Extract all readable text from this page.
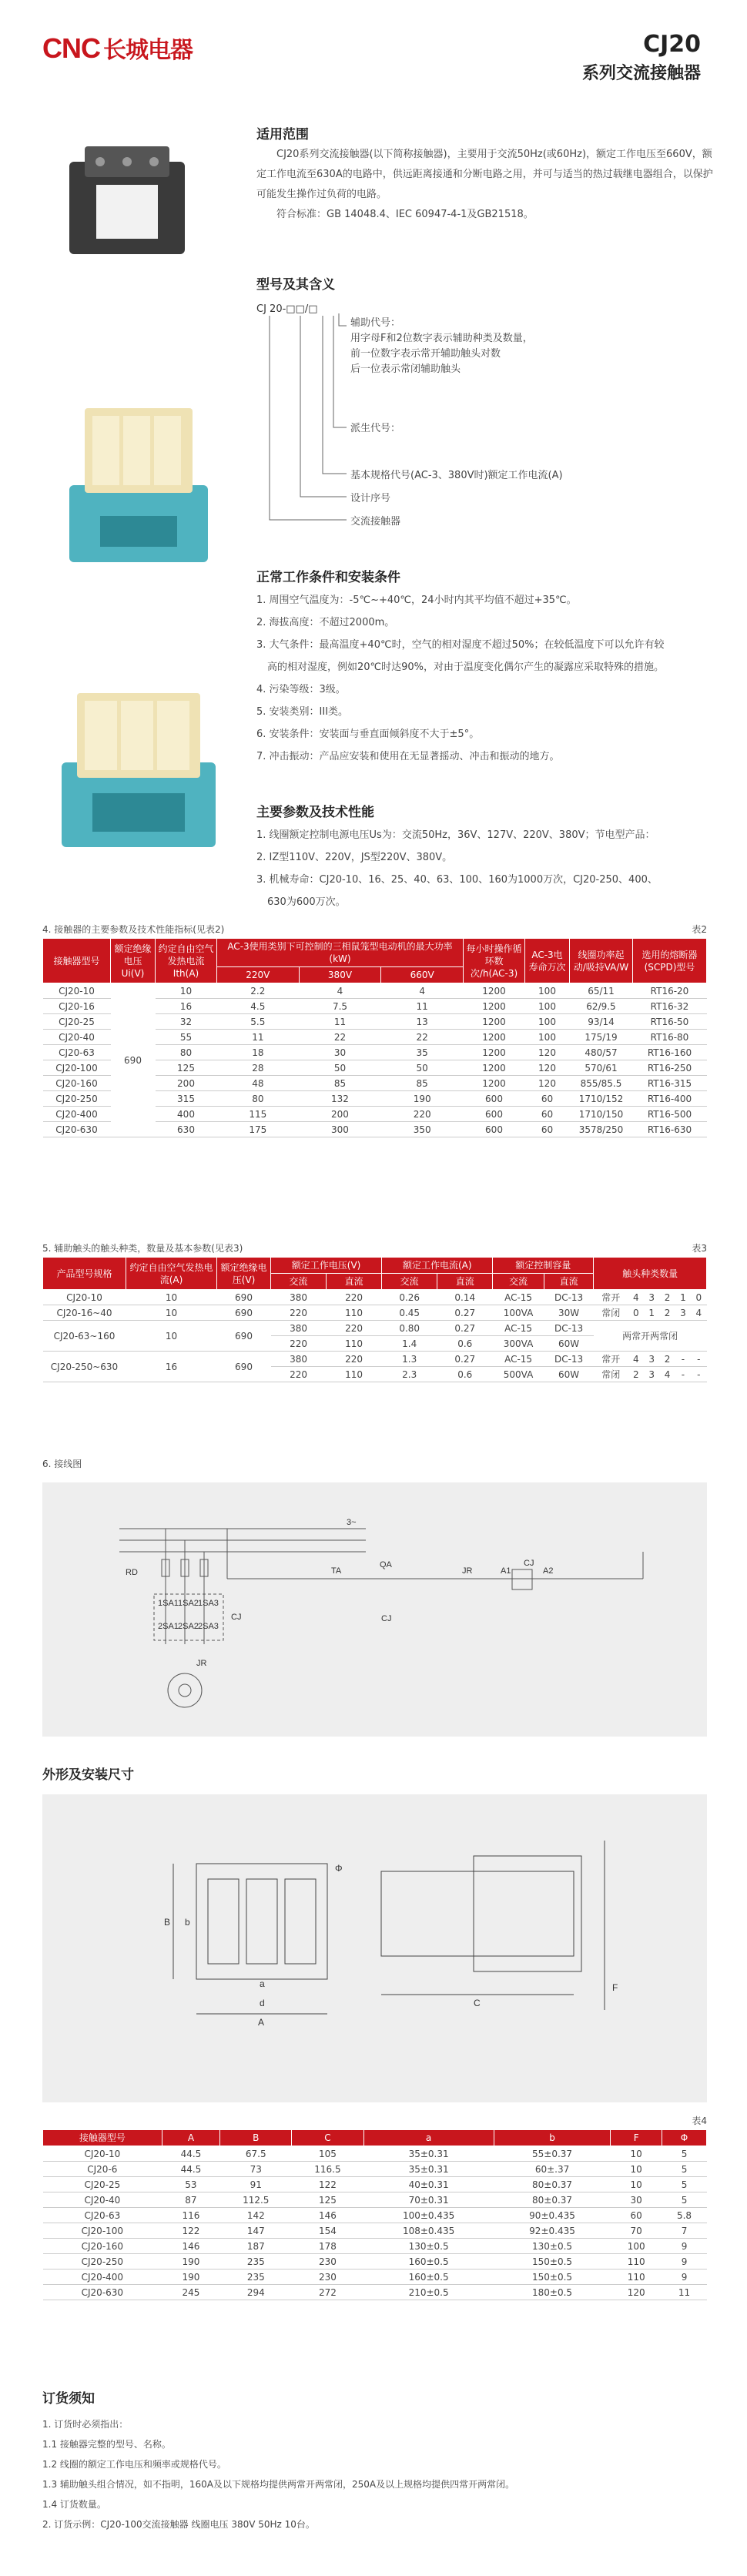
CNC 长城电器	CJ20
系列交流接触器
适用范围
CJ20系列交流接触器(以下简称接触器)，主要用于交流50Hz(或60Hz)，额定工作电压至660V，额定工作电流至630A的电路中，供远距离接通和分断电路之用，并可与适当的热过载继电器组合，以保护可能发生操作过负荷的电路。
符合标准：GB 14048.4、IEC 60947-4-1及GB21518。
型号及其含义
CJ 20-□□/□
辅助代号：
用字母F和2位数字表示辅助种类及数量，
前一位数字表示常开辅助触头对数
后一位表示常闭辅助触头
派生代号：
基本规格代号(AC-3、380V时)额定工作电流(A)
设计序号
交流接触器
正常工作条件和安装条件
1. 周围空气温度为：-5℃~+40℃，24小时内其平均值不超过+35℃。
2. 海拔高度：不超过2000m。
3. 大气条件：最高温度+40℃时，空气的相对湿度不超过50%；在较低温度下可以允许有较
高的相对湿度，例如20℃时达90%，对由于温度变化偶尔产生的凝露应采取特殊的措施。
4. 污染等级：3级。
5. 安装类别：III类。
6. 安装条件：安装面与垂直面倾斜度不大于±5°。
7. 冲击振动：产品应安装和使用在无显著摇动、冲击和振动的地方。
主要参数及技术性能
1. 线圈额定控制电源电压Us为：交流50Hz，36V、127V、220V、380V；节电型产品：
2. IZ型110V、220V，JS型220V、380V。
3. 机械寿命：CJ20-10、16、25、40、63、100、160为1000万次，CJ20-250、400、
630为600万次。
4. 接触器的主要参数及技术性能指标(见表2)	表2
接触器型号	额定绝缘电压Ui(V)	约定自由空气发热电流Ith(A)	AC-3使用类别下可控制的三相鼠笼型电动机的最大功率(kW)			每小时操作循环数次/h(AC-3)	AC-3电寿命万次	线圈功率起动/吸持VA/W	选用的熔断器(SCPD)型号
			220V	380V	660V				
CJ20-10	690	10	2.2	4	4	1200	100	65/11	RT16-20
CJ20-16		16	4.5	7.5	11	1200	100	62/9.5	RT16-32
CJ20-25		32	5.5	11	13	1200	100	93/14	RT16-50
CJ20-40		55	11	22	22	1200	100	175/19	RT16-80
CJ20-63		80	18	30	35	1200	120	480/57	RT16-160
CJ20-100		125	28	50	50	1200	120	570/61	RT16-250
CJ20-160		200	48	85	85	1200	120	855/85.5	RT16-315
CJ20-250		315	80	132	190	600	60	1710/152	RT16-400
CJ20-400		400	115	200	220	600	60	1710/150	RT16-500
CJ20-630		630	175	300	350	600	60	3578/250	RT16-630
5. 辅助触头的触头种类，数量及基本参数(见表3)	表3
产品型号规格	约定自由空气发热电流(A)	额定绝缘电压(V)	额定工作电压(V)		额定工作电流(A)		额定控制容量		触头种类数量					
			交流	直流	交流	直流	交流	直流						
CJ20-10	10	690	380	220	0.26	0.14	AC-15	DC-13	常开	4	3	2	1	0
CJ20-16~40	10	690	220	110	0.45	0.27	100VA	30W	常闭	0	1	2	3	4
CJ20-63~160	10	690	380	220	0.80	0.27	AC-15	DC-13	两常开两常闭					
			220	110	1.4	0.6	300VA	60W						
CJ20-250~630	16	690	380	220	1.3	0.27	AC-15	DC-13	常开	4	3	2	-	-
			220	110	2.3	0.6	500VA	60W	常闭	2	3	4	-	-
6. 接线图
3~
RD	TA
QA
JR	A1
CJ
A2
CJ
JR
CJ
1SA1 1SA2 1SA3
2SA1 2SA2 2SA3
外形及安装尺寸
A
B
C
a
b
F
Φ
d
表4
接触器型号	A	B	C	a	b	F	Φ
CJ20-10	44.5	67.5	105	35±0.31	55±0.37	10	5
CJ20-6	44.5	73	116.5	35±0.31	60±.37	10	5
CJ20-25	53	91	122	40±0.31	80±0.37	10	5
CJ20-40	87	112.5	125	70±0.31	80±0.37	30	5
CJ20-63	116	142	146	100±0.435	90±0.435	60	5.8
CJ20-100	122	147	154	108±0.435	92±0.435	70	7
CJ20-160	146	187	178	130±0.5	130±0.5	100	9
CJ20-250	190	235	230	160±0.5	150±0.5	110	9
CJ20-400	190	235	230	160±0.5	150±0.5	110	9
CJ20-630	245	294	272	210±0.5	180±0.5	120	11
订货须知
1. 订货时必须指出：
1.1 接触器完整的型号、名称。
1.2 线圈的额定工作电压和频率或规格代号。
1.3 辅助触头组合情况，如不指明，160A及以下规格均提供两常开两常闭，250A及以上规格均提供四常开两常闭。
1.4 订货数量。
2. 订货示例：CJ20-100交流接触器 线圈电压 380V 50Hz 10台。
